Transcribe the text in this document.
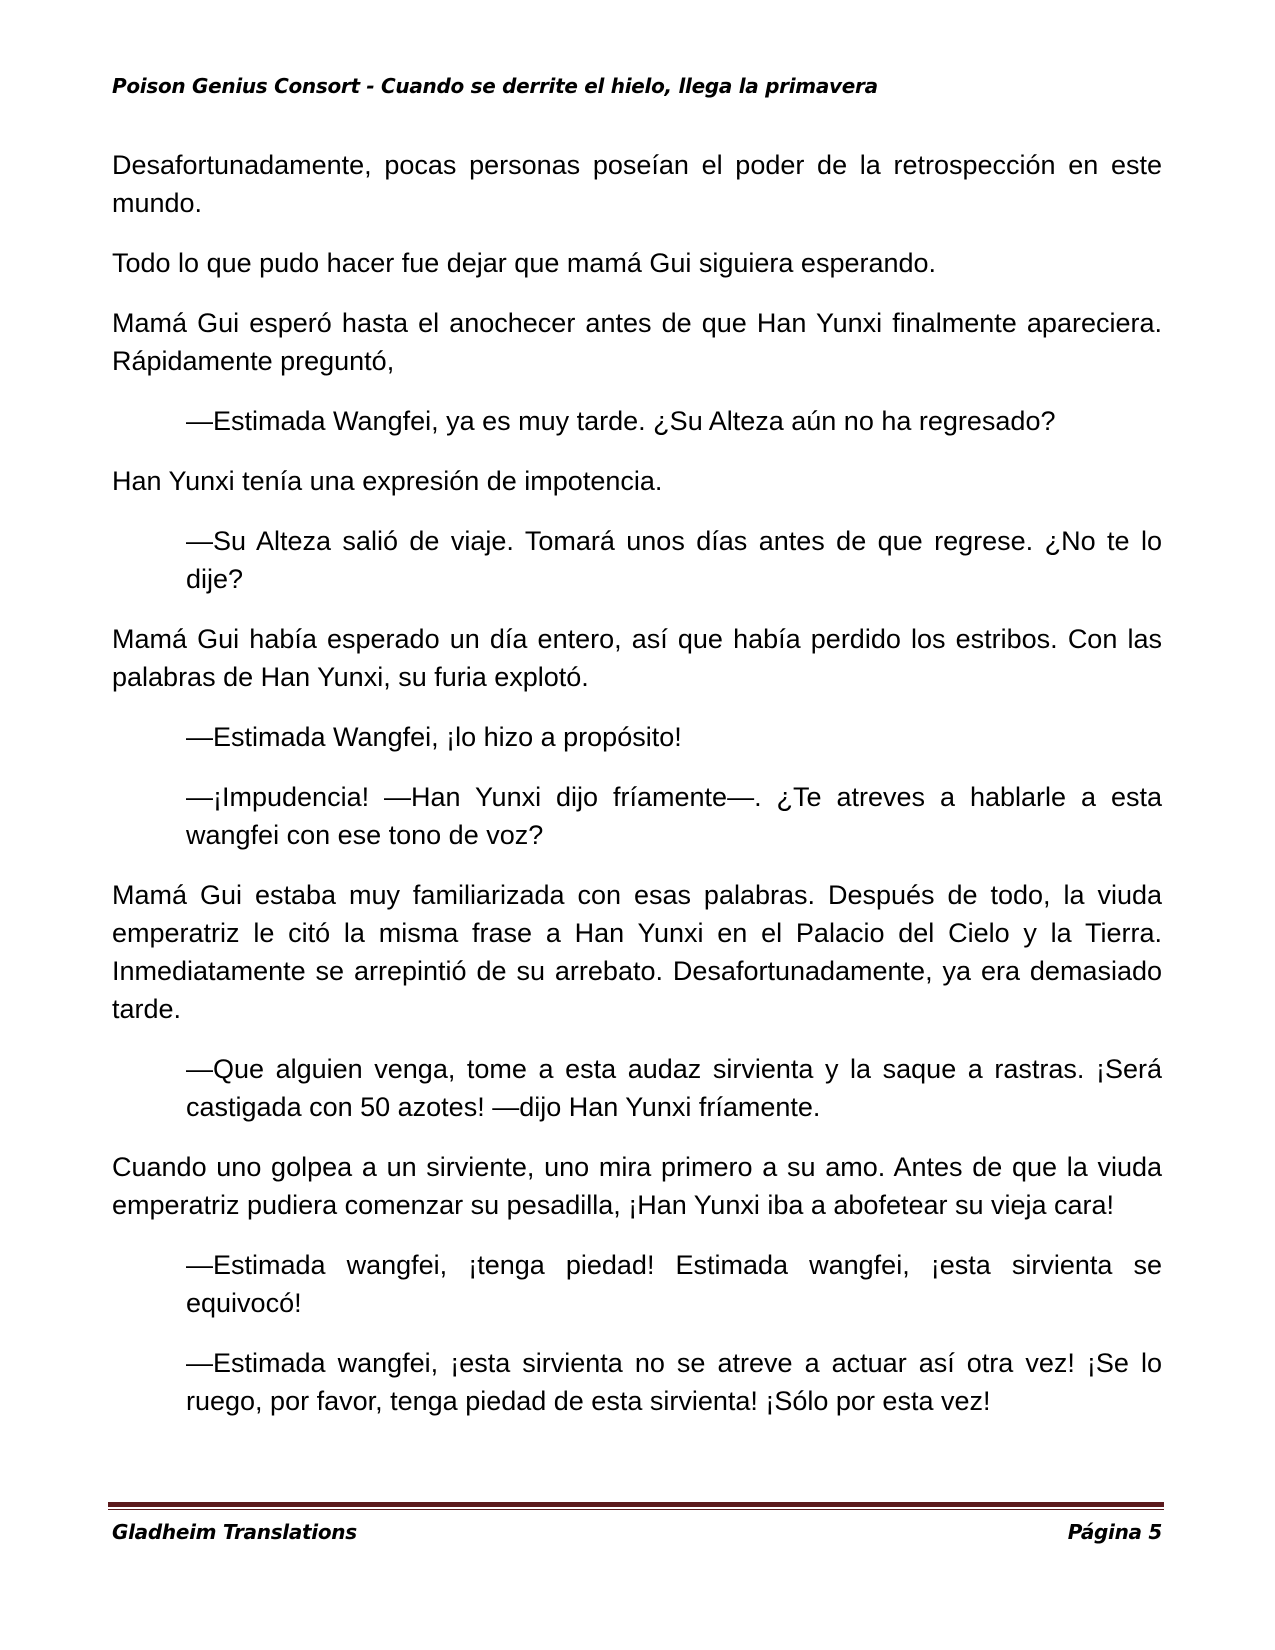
Poison Genius Consort - Cuando se derrite el hielo, llega la primavera

Desafortunadamente, pocas personas poseían el poder de la retrospección en este mundo.

Todo lo que pudo hacer fue dejar que mamá Gui siguiera esperando.

Mamá Gui esperó hasta el anochecer antes de que Han Yunxi finalmente apareciera. Rápidamente preguntó,

—Estimada Wangfei, ya es muy tarde. ¿Su Alteza aún no ha regresado?

Han Yunxi tenía una expresión de impotencia.

—Su Alteza salió de viaje. Tomará unos días antes de que regrese. ¿No te lo dije?

Mamá Gui había esperado un día entero, así que había perdido los estribos. Con las palabras de Han Yunxi, su furia explotó.

—Estimada Wangfei, ¡lo hizo a propósito!

—¡Impudencia! —Han Yunxi dijo fríamente—. ¿Te atreves a hablarle a esta wangfei con ese tono de voz?

Mamá Gui estaba muy familiarizada con esas palabras. Después de todo, la viuda emperatriz le citó la misma frase a Han Yunxi en el Palacio del Cielo y la Tierra. Inmediatamente se arrepintió de su arrebato. Desafortunadamente, ya era demasiado tarde.

—Que alguien venga, tome a esta audaz sirvienta y la saque a rastras. ¡Será castigada con 50 azotes! —dijo Han Yunxi fríamente.

Cuando uno golpea a un sirviente, uno mira primero a su amo. Antes de que la viuda emperatriz pudiera comenzar su pesadilla, ¡Han Yunxi iba a abofetear su vieja cara!

—Estimada wangfei, ¡tenga piedad! Estimada wangfei, ¡esta sirvienta se equivocó!

—Estimada wangfei, ¡esta sirvienta no se atreve a actuar así otra vez! ¡Se lo ruego, por favor, tenga piedad de esta sirvienta! ¡Sólo por esta vez!

Gladheim Translations	Página 5
